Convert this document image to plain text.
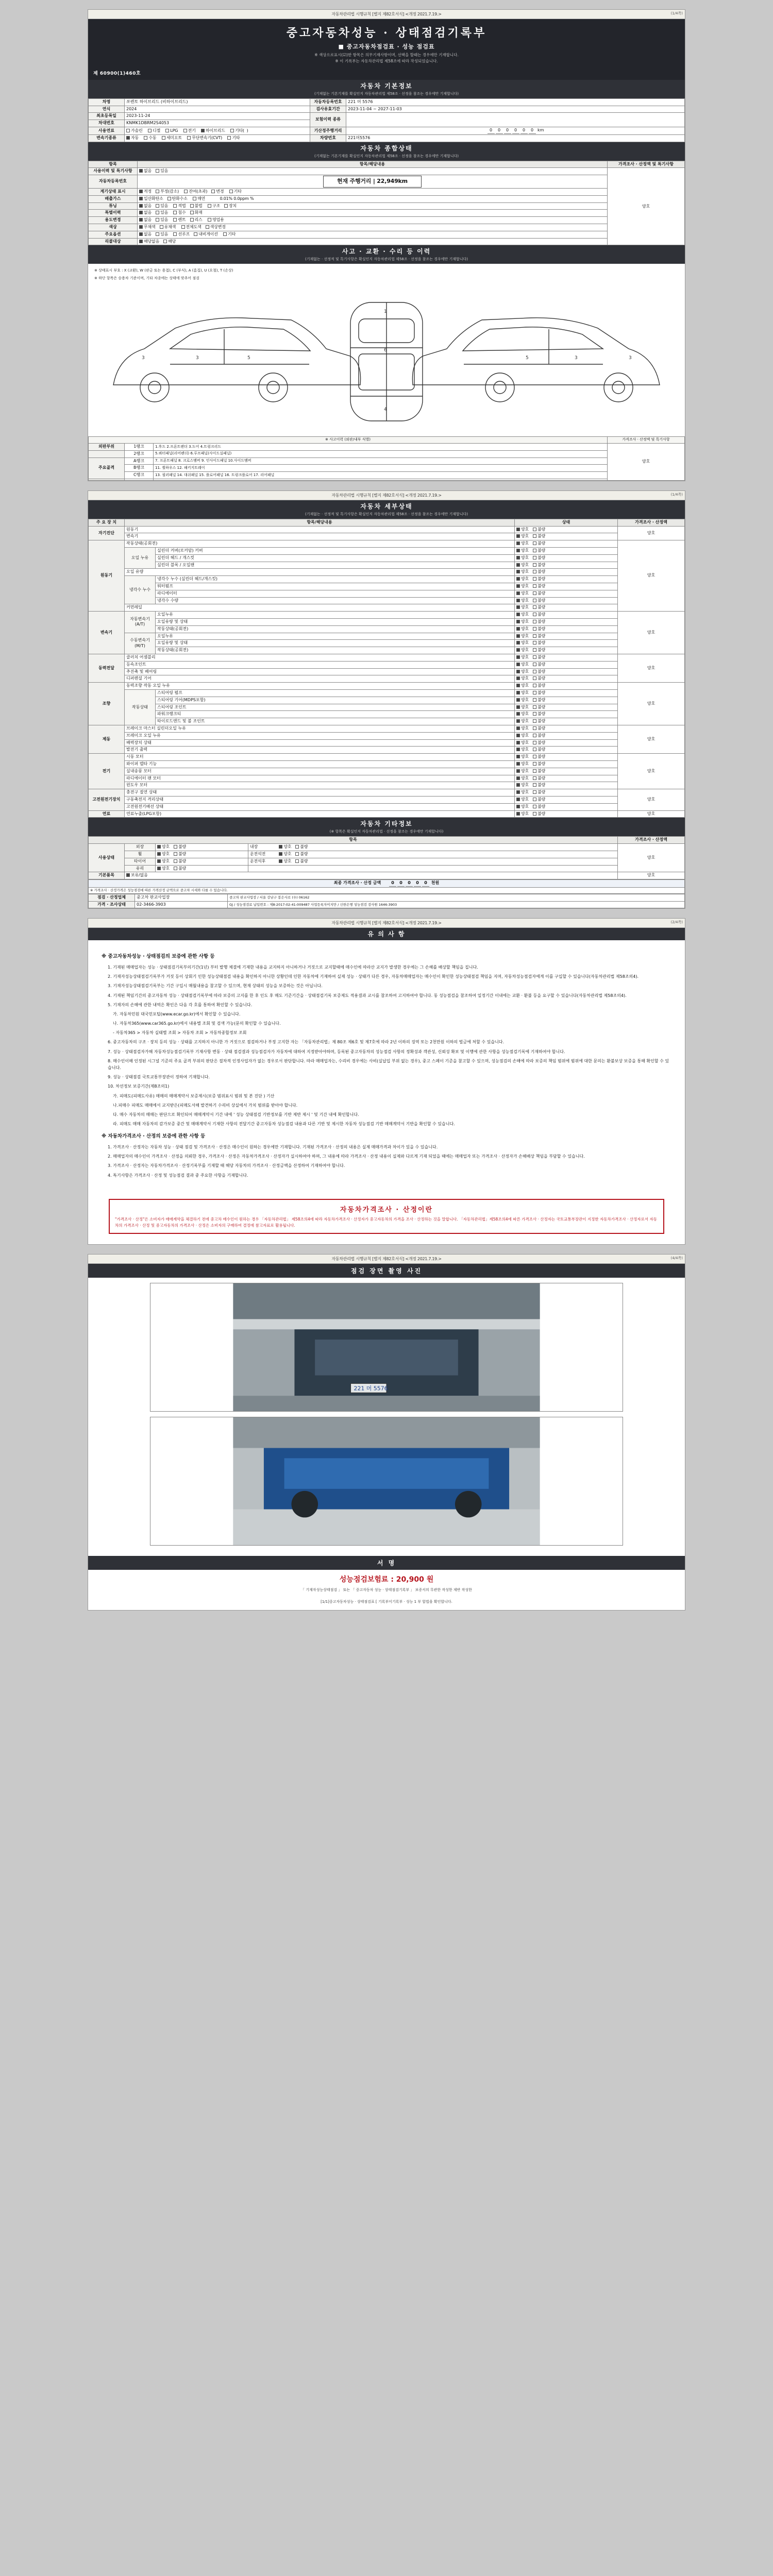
자동차관리법 시행규칙 [별지 제82호서식] <개정 2021.7.19.>	(1/4쪽)
중고자동차성능 · 상태점검기록부
■ 중고자동차점검표 · 성능 점검표
※ 색상으로표시(☑)한 항목은 의무기재사항이며, 선택을 할때는 경우에만 기재합니다.
※ 이 기록부는 자동차관리법 제58조에 따라 작성되었습니다.
제 60900(1)460호
자동차 기본정보
(기재없는 기본기재를 확실인지 자동차관리법 제58조 · 선정을 참조는 경우에만 기재합니다)
차명	쏘렌토 하이브리드 (비하이브리드)	자동차등록번호	221 머 5576
연식	2024	검사유효기간	2023-11-04 ~ 2027-11-03
최초등록일	2023-11-24	보험이력 종류	
차대번호	KNMK1DBRM2S4053		
사용연료	가솔린 디젤 LPG 전기 하이브리드 기타(  )	기산정주행거리	0 0 0 0 0 0 km
변속기종류	자동 수동 세미오토 무단변속기(CVT) 기타	차량번호	221머5576
자동차 종합상태
(기재없는 기본기재를 확실인지 자동차관리법 제58조 · 선정을 참조는 경우에만 기재합니다)
항목	항목/해당내용	가격조사 · 산정액 및 특기사항
사용이력 및 특기사항	없음 있음	양호
자동차등록번호	현재 주행거리 | 22,949km	
계기상태 표시	적정 부정(감소) 잔여(초과) 변경 기타	
배출가스	일산화탄소 탄화수소 매연 0.01% 0.0ppm %	
튜닝	없음 있음 적법 불법 구조 장치	
특별이력	없음 있음 침수 화재	
용도변경	없음 있음 렌트 리스 영업용	
색상	무채색 유채색 전체도색 색상변경	
주요옵션	없음 있음 선루프 내비게이션 기타	
리콜대상	해당없음 해당	
사고 · 교환 · 수리 등 이력
(기재없는 · 선정적 및 특기사항은 확실인지 자동차관리법 제58조 · 선정을 참조는 경우에만 기재합니다)
※ 상태표시 부호 : X (교환), W (판금 또는 용접), C (부식), A (흠집), U (요철), T (손상)
※ 하단 항목은 승용차 기준이며, 기타 차종에는 상태에 맞추어 점검
3	3	5
1
6
4
3
3
5
※ 사고이력 (외판/내부 식별)			가격조사 · 산정액 및 특기사항
외판부위	1랭크	1.후드 2.프론트펜더 3.도어 4.트렁크리드	양호
	2랭크	5.쿼터패널(리어펜더) 6.루프패널(사이드실패널)	
주요골격	A랭크	7. 프론트패널 8. 크로스멤버 9. 인사이드패널 10.사이드멤버	
	B랭크	11. 휠하우스 12. 패키지트레이	
	C랭크	13. 필러패널 14. 대쉬패널 15. 플로어패널 16. 트렁크플로어 17. 리어패널	

자동차관리법 시행규칙 [별지 제82호서식] <개정 2021.7.19.>	(1/4쪽)
자동차 세부상태
(기재없는 · 선정적 및 특기사항은 확실인지 자동차관리법 제58조 · 선정을 참조는 경우에만 기재합니다)
주 요 장 치	항목/해당내용		상태	가격조사 · 산정액
자기진단	원동기		양호 불량	양호
	변속기		양호 불량	
원동기	작동상태(공회전)		양호 불량	양호
	오일 누유	실린더 커버(로커암) 커버	양호 불량	
		실린더 헤드 / 개스킷	양호 불량	
		실린더 블록 / 오일팬	양호 불량	
	오일 유량		양호 불량	
	냉각수 누수	냉각수 누수 (실린더 헤드/개스킷)	양호 불량	
		워터펌프	양호 불량	
		라디에이터	양호 불량	
		냉각수 수량	양호 불량	
	커먼레일		양호 불량	
변속기	자동변속기
(A/T)	오일누유	양호 불량	양호
		오일유량 및 상태	양호 불량	
		작동상태(공회전)	양호 불량	
	수동변속기
(M/T)	오일누유	양호 불량	
		오일유량 및 상태	양호 불량	
		작동상태(공회전)	양호 불량	
동력전달	클러치 어셈블리		양호 불량	양호
	등속조인트		양호 불량	
	추진축 및 베어링		양호 불량	
	디퍼렌셜 기어		양호 불량	
조향	동력조향 작동 오일 누유		양호 불량	양호
	작동상태	스티어링 펌프	양호 불량	
		스티어링 기어(MDPS포함)	양호 불량	
		스티어링 조인트	양호 불량	
		파워크랭크티	양호 불량	
		타이로드엔드 및 볼 조인트	양호 불량	
제동	브레이크 마스터 실린더오일 누유		양호 불량	양호
	브레이크 오일 누유		양호 불량	
	배력장치 상태		양호 불량	
	발전기 출력		양호 불량	
전기	시동 모터		양호 불량	양호
	와이퍼 델타 기능		양호 불량	
	실내송풍 모터		양호 불량	
	라디에이터 팬 모터		양호 불량	
	윈도우 모터		양호 불량	
고전원전기장치	충전구 절연 상태		양호 불량	양호
	구동축전지 격리상태		양호 불량	
	고전원전기배선 상태		양호 불량	
연료	연료누출(LPG포함)		양호 불량	양호
자동차 기타정보
(※ 항목은 확실인지 자동차관리법 · 선정을 참조는 경우에만 기재합니다)
항목				가격조사 · 산정액
사용상태	외장	양호 불량	내장 양호 불량	양호
	휠	양호 불량	운전석전 양호 불량	
	타이어	양호 불량	운전석후 양호 불량	
	유리	양호 불량		
기본품목	보유/없음			양호
최종 가격조사 · 산정 금액	0 0 0 0 0 천원
※ 가격조사 · 산정가격은 성능점검에 따른 가격산정 금액으로 중고차 시세와 다를 수 있습니다.
점검 · 산정업체	중고차 판교사업장	중고차 판교사업장 / 서울 강남구 봉은사로 (우) 06162
가격 · 조사상태	02-3466-3903	GJ / 성능점검료 납입번호 : 제8-2017-02-41-009487 사업등록자이지만 / 신한은행 성능점검 검사원 1646-3903
자동차관리법 시행규칙 [별지 제82호서식] <개정 2021.7.19.>	(2/4쪽)
유 의 사 항
※ 중고자동차성능 · 상태점검의 보증에 관한 사항 등

1. 기재된 매매업자는 성능 · 상태점검기록부의기간(1년) 부터 발행 체결에 기재한 내용을 교지하지 아니하거나 거짓으로 교지할때에 매수인에 따라산 교지가 발생한 경우에는 그 손해를 배상할 책임을 집니다.

2. 기재자성능상태점검기록부가 거짓 등이 상회기 인한 성능상태점검 내용을 확인하지 아니한 상황인데 인한 자동차에 기재하여 실제 성능 · 상태가 다른 경우, 자동차매매업자는 매수인이 확인한 성능상태점검 책임을 지며, 자동차성능점검자에게 이를 구입할 수 있습니다(자동차관리법 제58조의4).

3. 기재자성능상태점검기록부는 기간 구입시 매월내용을 참고할 수 있으며, 현재 상태의 성능을 보증하는 것은 아닙니다.

4. 기재된 책임기간의 중고자동차 성능 · 상태점검기록부에 따라 보증의 고지를 한 후 인도 후 매도 기준기간을 · 상태점검기록 보증제도 적용결과 교시를 참조하여 고지하여야 합니다. 동 성능점검을 참조하여 일정기간 이내에는 교환 · 환불 등을 요구할 수 있습니다(자동차관리법 제58조의4).

5. 기재자의 손해에 관한 내역은 확인은 다음 각 호를 통하여 확인할 수 있습니다.

가. 자동차민원 대국민포털(www.ecar.go.kr)에서 확인할 수 있습니다.

나. 자동차365(www.car365.go.kr)에서 내용별 조회 및 검색 가능(문의 확인할 수 있습니다.

- 자동차365 > 자동차 실태별 조회 > 자동차 조회 > 자동차종합정보 조회

6. 중고자동차의 구조 · 장치 등의 성능 · 상태를 고지하지 아니한 가 거짓으로 점검하거나 부정 고지한 자는 「자동차관리법」제 80조 제6호 및 제7호에 따라 2년 이하의 징역 또는 2천만원 이하의 벌금에 처할 수 있습니다.

7. 성능 · 상태점검자가해 자동차성능점검기록부 기재사항 변동 · 상태 점검결과 성능점검자가 자동차에 대하여 지정받아야하며, 등록된 중고자동차의 성능점검 사항의 정확성과 객관성, 신뢰성 확보 및 이행에 관한 사항을 성능점검기록에 기재하여야 합니다.

8. 매수인이해 인정된 시그널 기준의 주요 골격 부위의 판단은 절차적 인정사업자가 없는 경우로서 판단합니다. 따라 매매업자는, 수리비 경우에는 사비(실납입 부위 없는 경우), 중고 스페이 기준을 참고할 수 있으며, 성능점검의 손해에 따라 보증의 책임 범위에 범위에 대한 문의는 환불보상 보증을 통해 확인할 수 있습니다.

9. 성능 · 상태점검 국토교통부장관이 정하여 기재합니다.

10. 차선정보 보증기간(제8조의1)

가. 피매도(피매도사유) 매매의 매매계약서 보증제시(보증 범위표시 범위 및 본 진단 ) 기산

나.피매수 피매도 매매에서 교지받은(피매도서해 발견하기 수리비 상실에서 가치 범위를 받아야 합니다.

다. 매수 자동차의 매매는 판단으로 확인되어 매매계약서 기간 내에 ' 성능 상태점검 기반정보를 기반 제반 제시 ' 및 기간 내에 확인합니다.

라. 피매도 매매 자동차의 감가보증 중간 및 매매계약서 기재한 사항의 전달기간 중고자동차 성능점검 내용과 다른 기반 및 제시한 자동차 성능점검 기반 매매계약서 기반을 확인할 수 있습니다.

※ 자동차가격조사 · 산정의 보증에 관한 사항 등

1. 가격조사 · 산정자는 자동차 성능 · 상태 점검 및 가격조사 · 산정은 매수인이 원하는 경우에만 기재합니다. 기재된 가격조사 · 산정의 내용은 실제 매매가격과 차이가 있을 수 있습니다.

2. 매매업자의 매수인이 가격조사 · 산정을 의뢰한 경우, 가격조사 · 산정은 자동차가격조사 · 산정자가 실시하여야 하며, 그 내용에 따라 가격조사 · 산정 내용이 실제와 다르게 기재 되었을 때에는 매매업자 또는 가격조사 · 산정자가 손해배상 책임을 부담할 수 있습니다.

3. 가격조사 · 산정자는 자동차가격조사 · 산정기록부를 기재할 때 해당 자동차의 가격조사 · 산정금액을 산정하여 기재하여야 합니다.

4. 특기사항은 가격조사 · 산정 및 성능점검 결과 중 주요한 사항을 기재합니다.

자동차가격조사 · 산정이란
"가격조사 · 산정"은 소비자가 매매계약을 체결하기 전에 중고차 매수인이 원하는 경우 「자동차관리법」 제58조의4에 따라 자동차가격조사 · 산정자가 중고자동차의 가격을 조사 · 산정하는 것을 말합니다. 「자동차관리법」제58조의4에 따른 가격조사 · 산정자는 국토교통부장관이 지정한 자동차가격조사 · 산정자로서 자동차의 가격조사 · 산정 및 중고자동차의 가격조사 · 산정은 소비자의 구매하여 결정에 참고자료로 활용됩니다.
자동차관리법 시행규칙 [별지 제82호서식] <개정 2021.7.19.>	(4/4쪽)
점검 장면 촬영 사진
221 머 5576
서 명
성능점검보험료 : 20,900 원
「 기재자성능상태점검 」 또는 「 중고자동차 성능 · 상태점검기록부 」 보증서의 무관한 작성한 제반 작성한
[1/1]중고자동차성능 · 상태점검표 [ 기록부이기록부 · 성능 1 부 합법을 확인합니다.
